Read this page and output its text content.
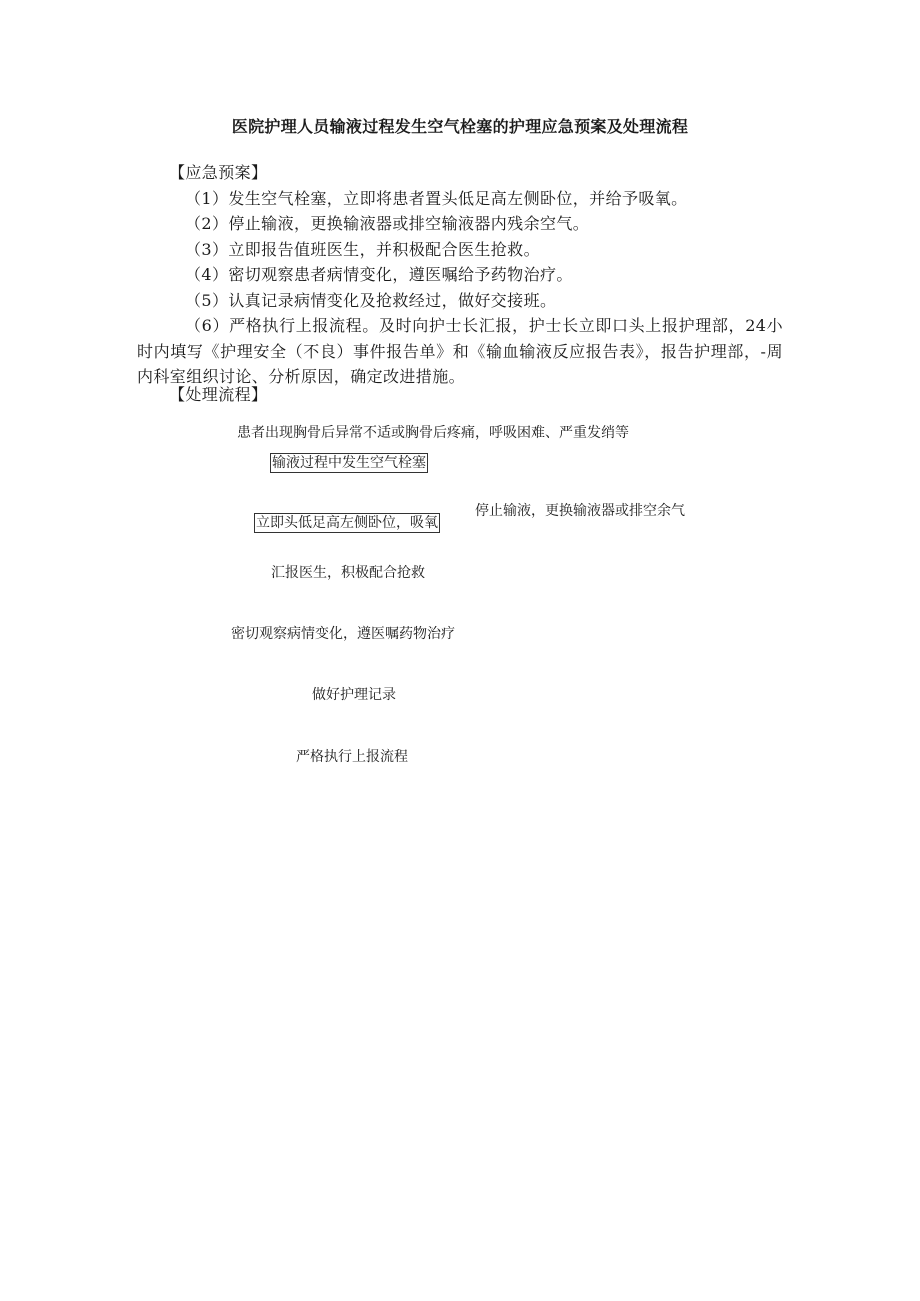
医院护理人员输液过程发生空气栓塞的护理应急预案及处理流程

【应急预案】

（1）发生空气栓塞，立即将患者置头低足高左侧卧位，并给予吸氧。

（2）停止输液，更换输液器或排空输液器内残余空气。

（3）立即报告值班医生，并积极配合医生抢救。

（4）密切观察患者病情变化，遵医嘱给予药物治疗。

（5）认真记录病情变化及抢救经过，做好交接班。

（6）严格执行上报流程。及时向护士长汇报，护士长立即口头上报护理部，24小时内填写《护理安全（不良）事件报告单》和《输血输液反应报告表》，报告护理部，-周内科室组织讨论、分析原因，确定改进措施。

【处理流程】
患者出现胸骨后异常不适或胸骨后疼痛，呼吸困难、严重发绡等
输液过程中发生空气栓塞
停止输液，更换输液器或排空余气
立即头低足高左侧卧位，吸氧
汇报医生，积极配合抢救
密切观察病情变化，遵医嘱药物治疗
做好护理记录
严格执行上报流程
